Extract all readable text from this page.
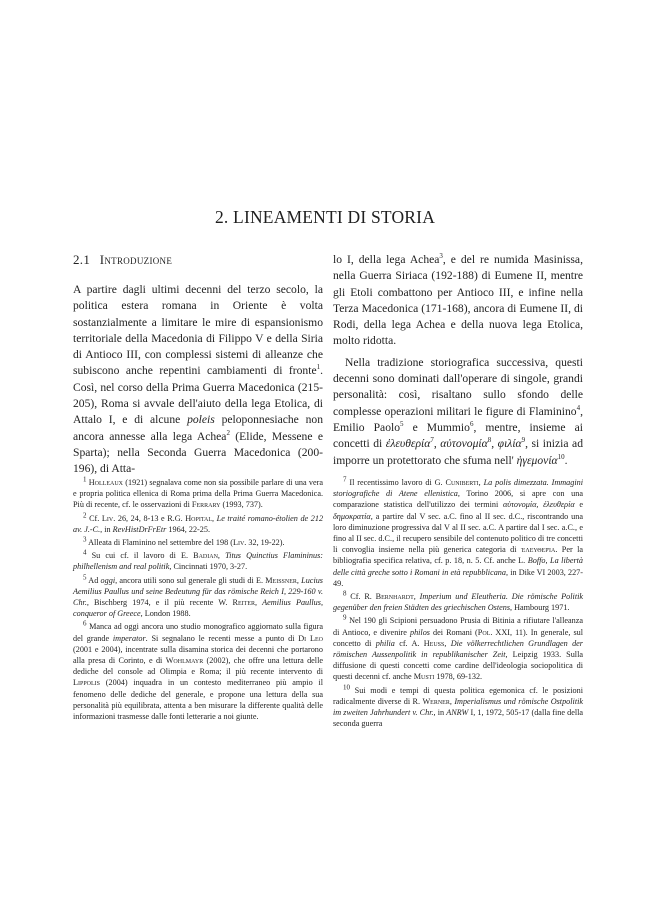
2. LINEAMENTI DI STORIA
2.1 Introduzione

A partire dagli ultimi decenni del terzo secolo, la politica estera romana in Oriente è volta sostanzialmente a limitare le mire di espansionismo territoriale della Macedonia di Filippo V e della Siria di Antioco III, con complessi sistemi di alleanze che subiscono anche repentini cambiamenti di fronte$^1$. Così, nel corso della Prima Guerra Macedonica (215-205), Roma si avvale dell'aiuto della lega Etolica, di Attalo I, e di alcune poleis peloponnesiache non ancora annesse alla lega Achea$^2$ (Elide, Messene e Sparta); nella Seconda Guerra Macedonica (200-196), di Atta-

lo I, della lega Achea$^3$, e del re numida Masinissa, nella Guerra Siriaca (192-188) di Eumene II, mentre gli Etoli combattono per Antioco III, e infine nella Terza Macedonica (171-168), ancora di Eumene II, di Rodi, della lega Achea e della nuova lega Etolica, molto ridotta.

Nella tradizione storiografica successiva, questi decenni sono dominati dall'operare di singole, grandi personalità: così, risaltano sullo sfondo delle complesse operazioni militari le figure di Flaminino$^4$, Emilio Paolo$^5$ e Mummio$^6$, mentre, insieme ai concetti di ἐλευθερία$^7$, αὐτονομία$^8$, φιλία$^9$, si inizia ad imporre un protettorato che sfuma nell' ἡγεμονία$^{10}$.

$^1$ Holleaux (1921) segnalava come non sia possibile parlare di una vera e propria politica ellenica di Roma prima della Prima Guerra Macedonica. Più di recente, cf. le osservazioni di Ferrary (1993, 737).

$^2$ Cf. Liv. 26, 24, 8-13 e R.G. Hopital, Le traité romano-étolien de 212 av. J.-C., in RevHistDrFrEtr 1964, 22-25.

$^3$ Alleata di Flaminino nel settembre del 198 (Liv. 32, 19-22).

$^4$ Su cui cf. il lavoro di E. Badian, Titus Quinctius Flamininus: philhellenism and real politik, Cincinnati 1970, 3-27.

$^5$ Ad oggi, ancora utili sono sul generale gli studi di E. Meissner, Lucius Aemilius Paullus und seine Bedeutung für das römische Reich I, 229-160 v. Chr., Bischberg 1974, e il più recente W. Reiter, Aemilius Paullus, conqueror of Greece, London 1988.

$^6$ Manca ad oggi ancora uno studio monografico aggiornato sulla figura del grande imperator. Si segnalano le recenti messe a punto di Di Leo (2001 e 2004), incentrate sulla disamina storica dei decenni che portarono alla presa di Corinto, e di Wohlmayr (2002), che offre una lettura delle dediche del console ad Olimpia e Roma; il più recente intervento di Lippolis (2004) inquadra in un contesto mediterraneo più ampio il fenomeno delle dediche del generale, e propone una lettura della sua personalità più equilibrata, attenta a ben misurare la differente qualità delle informazioni trasmesse dalle fonti letterarie a noi giunte.

$^7$ Il recentissimo lavoro di G. Cuniberti, La polis dimezzata. Immagini storiografiche di Atene ellenistica, Torino 2006, si apre con una comparazione statistica dell'utilizzo dei termini αὐτονομία, ἐλευθερία e δημοκρατία, a partire dal V sec. a.C. fino al II sec. d.C., riscontrando una loro diminuzione progressiva dal V al II sec. a.C. A partire dal I sec. a.C., e fino al II sec. d.C., il recupero sensibile del contenuto politico di tre concetti li convoglia insieme nella più generica categoria di ἐλευθερία. Per la bibliografia specifica relativa, cf. p. 18, n. 5. Cf. anche L. Boffo, La libertà delle città greche sotto i Romani in età repubblicana, in Dike VI 2003, 227-49.

$^8$ Cf. R. Bernhardt, Imperium und Eleutheria. Die römische Politik gegenüber den freien Städten des griechischen Ostens, Hambourg 1971.

$^9$ Nel 190 gli Scipioni persuadono Prusia di Bitinia a rifiutare l'alleanza di Antioco, e divenire philos dei Romani (Pol. XXI, 11). In generale, sul concetto di philia cf. A. Heuss, Die völkerrechtlichen Grundlagen der römischen Aussenpolitik in republikanischer Zeit, Leipzig 1933. Sulla diffusione di questi concetti come cardine dell'ideologia sociopolitica di questi decenni cf. anche Musti 1978, 69-132.

$^{10}$ Sui modi e tempi di questa politica egemonica cf. le posizioni radicalmente diverse di R. Werner, Imperialismus und römische Ostpolitik im zweiten Jahrhundert v. Chr., in ANRW I, 1, 1972, 505-17 (dalla fine della seconda guerra
